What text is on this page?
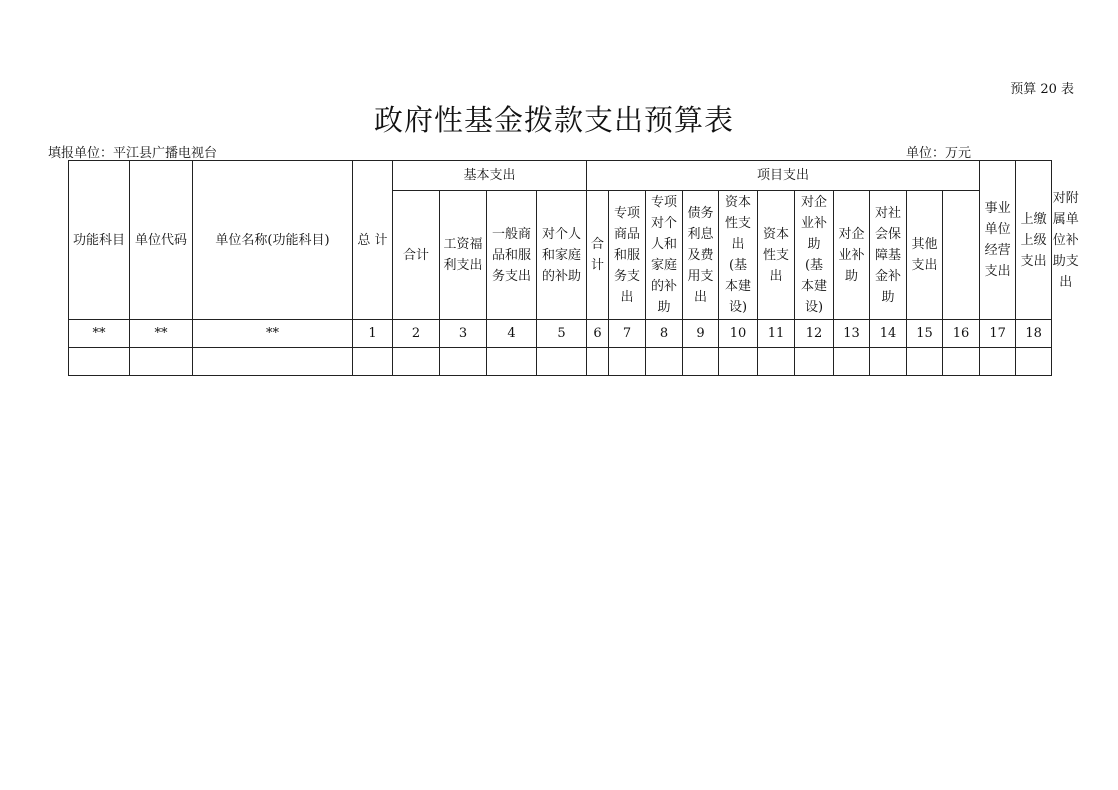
预算 20 表
政府性基金拨款支出预算表
填报单位：平江县广播电视台	单位：万元
功能科目	单位代码	单位名称(功能科目)	总 计	基本支出				项目支出											事业单位经营支出	上缴上级支出	对附属单位补助支出
				合计	工资福利支出	一般商品和服务支出	对个人和家庭的补助	合计	专项商品和服务支出	专项对个人和家庭的补助	债务利息及费用支出	资本性支出(基本建设)	资本性支出	对企业补助(基本建设)	对企业补助	对社会保障基金补助	其他支出				
**	**	**	1	2	3	4	5	6	7	8	9	10	11	12	13	14	15	16	17	18	
